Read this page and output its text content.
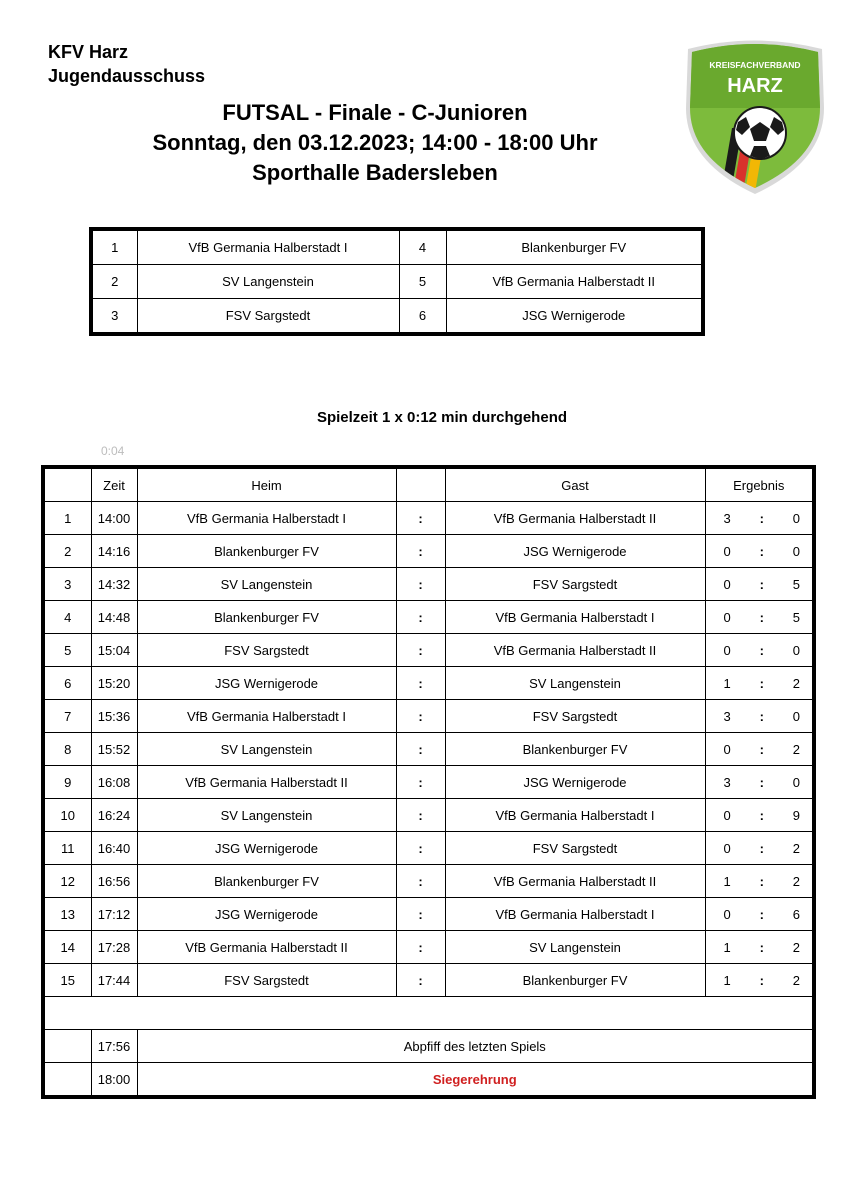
KFV Harz
Jugendausschuss
FUTSAL - Finale - C-Junioren
Sonntag, den 03.12.2023; 14:00 - 18:00 Uhr
Sporthalle Badersleben
KREISFACHVERBAND
HARZ
1	VfB Germania Halberstadt I	4	Blankenburger FV
2	SV Langenstein	5	VfB Germania Halberstadt II
3	FSV Sargstedt	6	JSG Wernigerode
Spielzeit 1 x 0:12 min durchgehend
0:04
	Zeit	Heim		Gast	Ergebnis
1	14:00	VfB Germania Halberstadt I	:	VfB Germania Halberstadt II	3 : 0

2	14:16	Blankenburger FV	:	JSG Wernigerode	0 : 0

3	14:32	SV Langenstein	:	FSV Sargstedt	0 : 5

4	14:48	Blankenburger FV	:	VfB Germania Halberstadt I	0 : 5

5	15:04	FSV Sargstedt	:	VfB Germania Halberstadt II	0 : 0

6	15:20	JSG Wernigerode	:	SV Langenstein	1 : 2

7	15:36	VfB Germania Halberstadt I	:	FSV Sargstedt	3 : 0

8	15:52	SV Langenstein	:	Blankenburger FV	0 : 2

9	16:08	VfB Germania Halberstadt II	:	JSG Wernigerode	3 : 0

10	16:24	SV Langenstein	:	VfB Germania Halberstadt I	0 : 9

11	16:40	JSG Wernigerode	:	FSV Sargstedt	0 : 2

12	16:56	Blankenburger FV	:	VfB Germania Halberstadt II	1 : 2

13	17:12	JSG Wernigerode	:	VfB Germania Halberstadt I	0 : 6

14	17:28	VfB Germania Halberstadt II	:	SV Langenstein	1 : 2

15	17:44	FSV Sargstedt	:	Blankenburger FV	1 : 2

	17:56	Abpfiff des letzten Spiels			
	18:00	Siegerehrung			
